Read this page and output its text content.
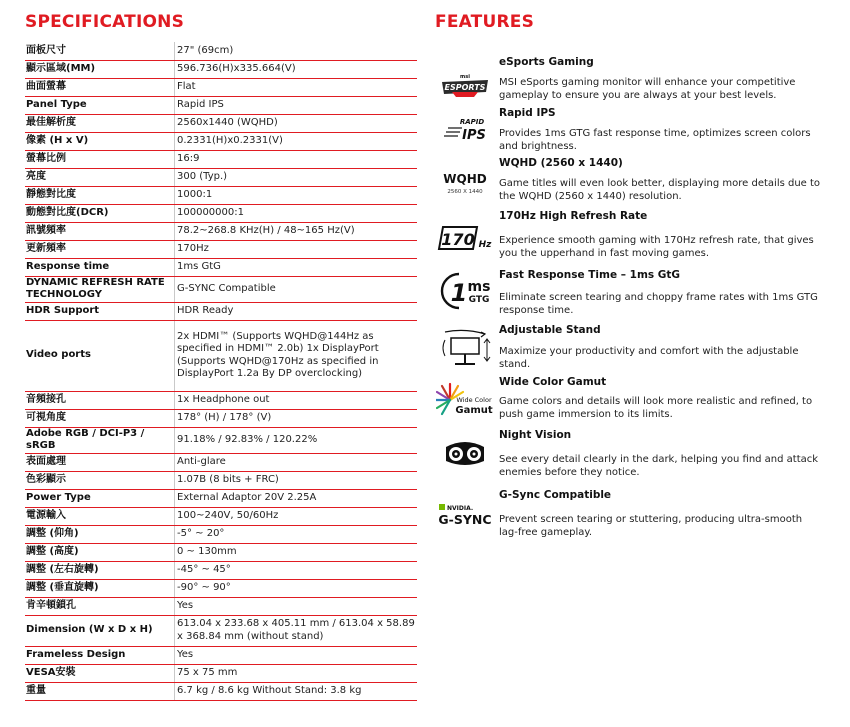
SPECIFICATIONS	FEATURES
面板尺寸	27" (69cm)
顯示區域(MM)	596.736(H)x335.664(V)
曲面螢幕	Flat
Panel Type	Rapid IPS
最佳解析度	2560x1440 (WQHD)
像素 (H x V)	0.2331(H)x0.2331(V)
螢幕比例	16:9
亮度	300 (Typ.)
靜態對比度	1000:1
動態對比度(DCR)	100000000:1
訊號頻率	78.2~268.8 KHz(H) / 48~165 Hz(V)
更新頻率	170Hz
Response time	1ms GtG
DYNAMIC REFRESH RATE TECHNOLOGY	G-SYNC Compatible
HDR Support	HDR Ready
Video ports	2x HDMI™ (Supports WQHD@144Hz as specified in HDMI™ 2.0b) 1x DisplayPort (Supports WQHD@170Hz as specified in DisplayPort 1.2a By DP overclocking)
音頻接孔	1x Headphone out
可視角度	178° (H) / 178° (V)
Adobe RGB / DCI-P3 / sRGB	91.18% / 92.83% / 120.22%
表面處理	Anti-glare
色彩顯示	1.07B (8 bits + FRC)
Power Type	External Adaptor 20V 2.25A
電源輸入	100~240V, 50/60Hz
調整 (仰角)	-5° ~ 20°
調整 (高度)	0 ~ 130mm
調整 (左右旋轉)	-45° ~ 45°
調整 (垂直旋轉)	-90° ~ 90°
肯辛頓鎖孔	Yes
Dimension (W x D x H)	613.04 x 233.68 x 405.11 mm / 613.04 x 58.89 x 368.84 mm (without stand)
Frameless Design	Yes
VESA安裝	75 x 75 mm
重量	6.7 kg / 8.6 kg Without Stand: 3.8 kg
msi
ESPORTS

eSports Gaming

MSI eSports gaming monitor will enhance your competitive gameplay to ensure you are always at your best levels.

RAPID
IPS

Rapid IPS

Provides 1ms GTG fast response time, optimizes screen colors and brightness.

WQHD
2560 X 1440

WQHD (2560 x 1440)

Game titles will even look better, displaying more details due to the WQHD (2560 x 1440) resolution.

170 Hz

170Hz High Refresh Rate

Experience smooth gaming with 170Hz refresh rate, that gives you the upperhand in fast moving games.

1 ms
GTG

Fast Response Time – 1ms GtG

Eliminate screen tearing and choppy frame rates with 1ms GTG response time.

Adjustable Stand

Maximize your productivity and comfort with the adjustable stand.

Wide Color
Gamut

Wide Color Gamut

Game colors and details will look more realistic and refined, to push game immersion to its limits.

Night Vision

See every detail clearly in the dark, helping you find and attack enemies before they notice.

NVIDIA.
G-SYNC

G-Sync Compatible

Prevent screen tearing or stuttering, producing ultra-smooth lag-free gameplay.
